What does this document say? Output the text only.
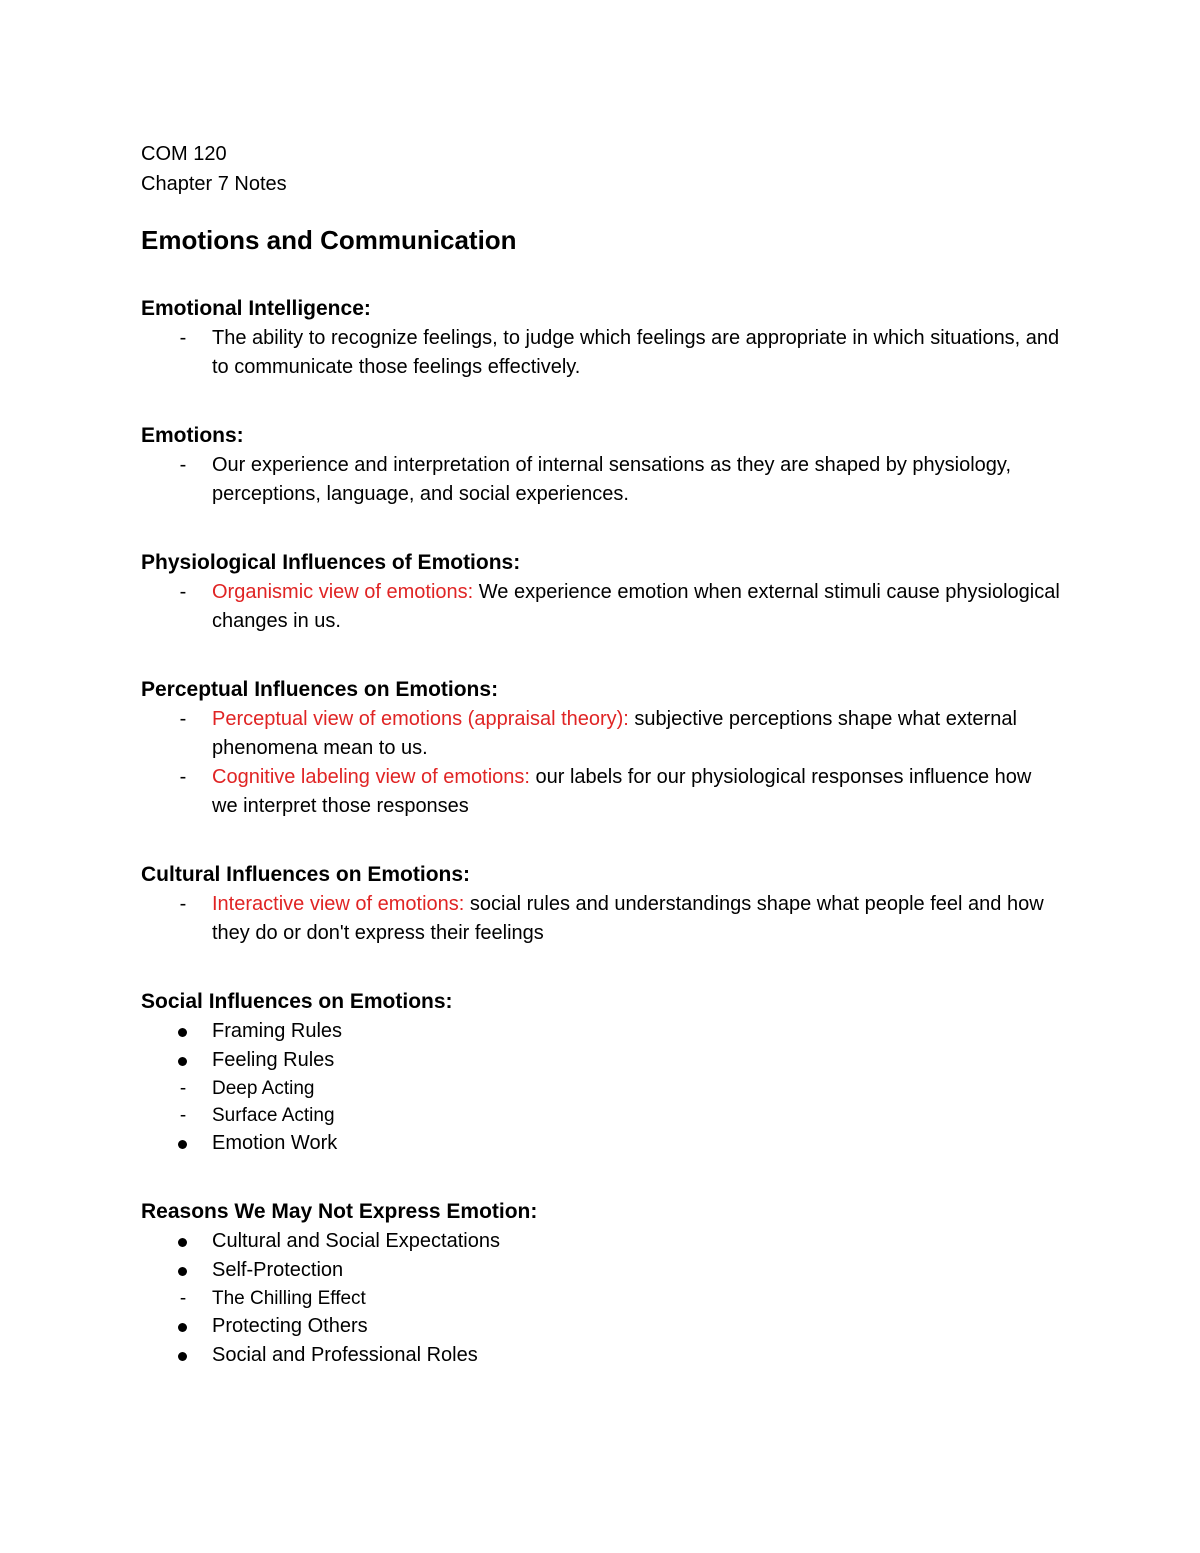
COM 120

Chapter 7 Notes

Emotions and Communication
Emotional Intelligence:
-	The ability to recognize feelings, to judge which feelings are appropriate in which situations, and to communicate those feelings effectively.
Emotions:
-	Our experience and interpretation of internal sensations as they are shaped by physiology, perceptions, language, and social experiences.
Physiological Influences of Emotions:
-	Organismic view of emotions: We experience emotion when external stimuli cause physiological changes in us.
Perceptual Influences on Emotions:
-	Perceptual view of emotions (appraisal theory): subjective perceptions shape what external phenomena mean to us.
-	Cognitive labeling view of emotions: our labels for our physiological responses influence how we interpret those responses
Cultural Influences on Emotions:
-	Interactive view of emotions: social rules and understandings shape what people feel and how they do or don't express their feelings
Social Influences on Emotions:
Framing Rules
Feeling Rules
-	Deep Acting
-	Surface Acting
Emotion Work
Reasons We May Not Express Emotion:
Cultural and Social Expectations
Self-Protection
-	The Chilling Effect
Protecting Others
Social and Professional Roles
